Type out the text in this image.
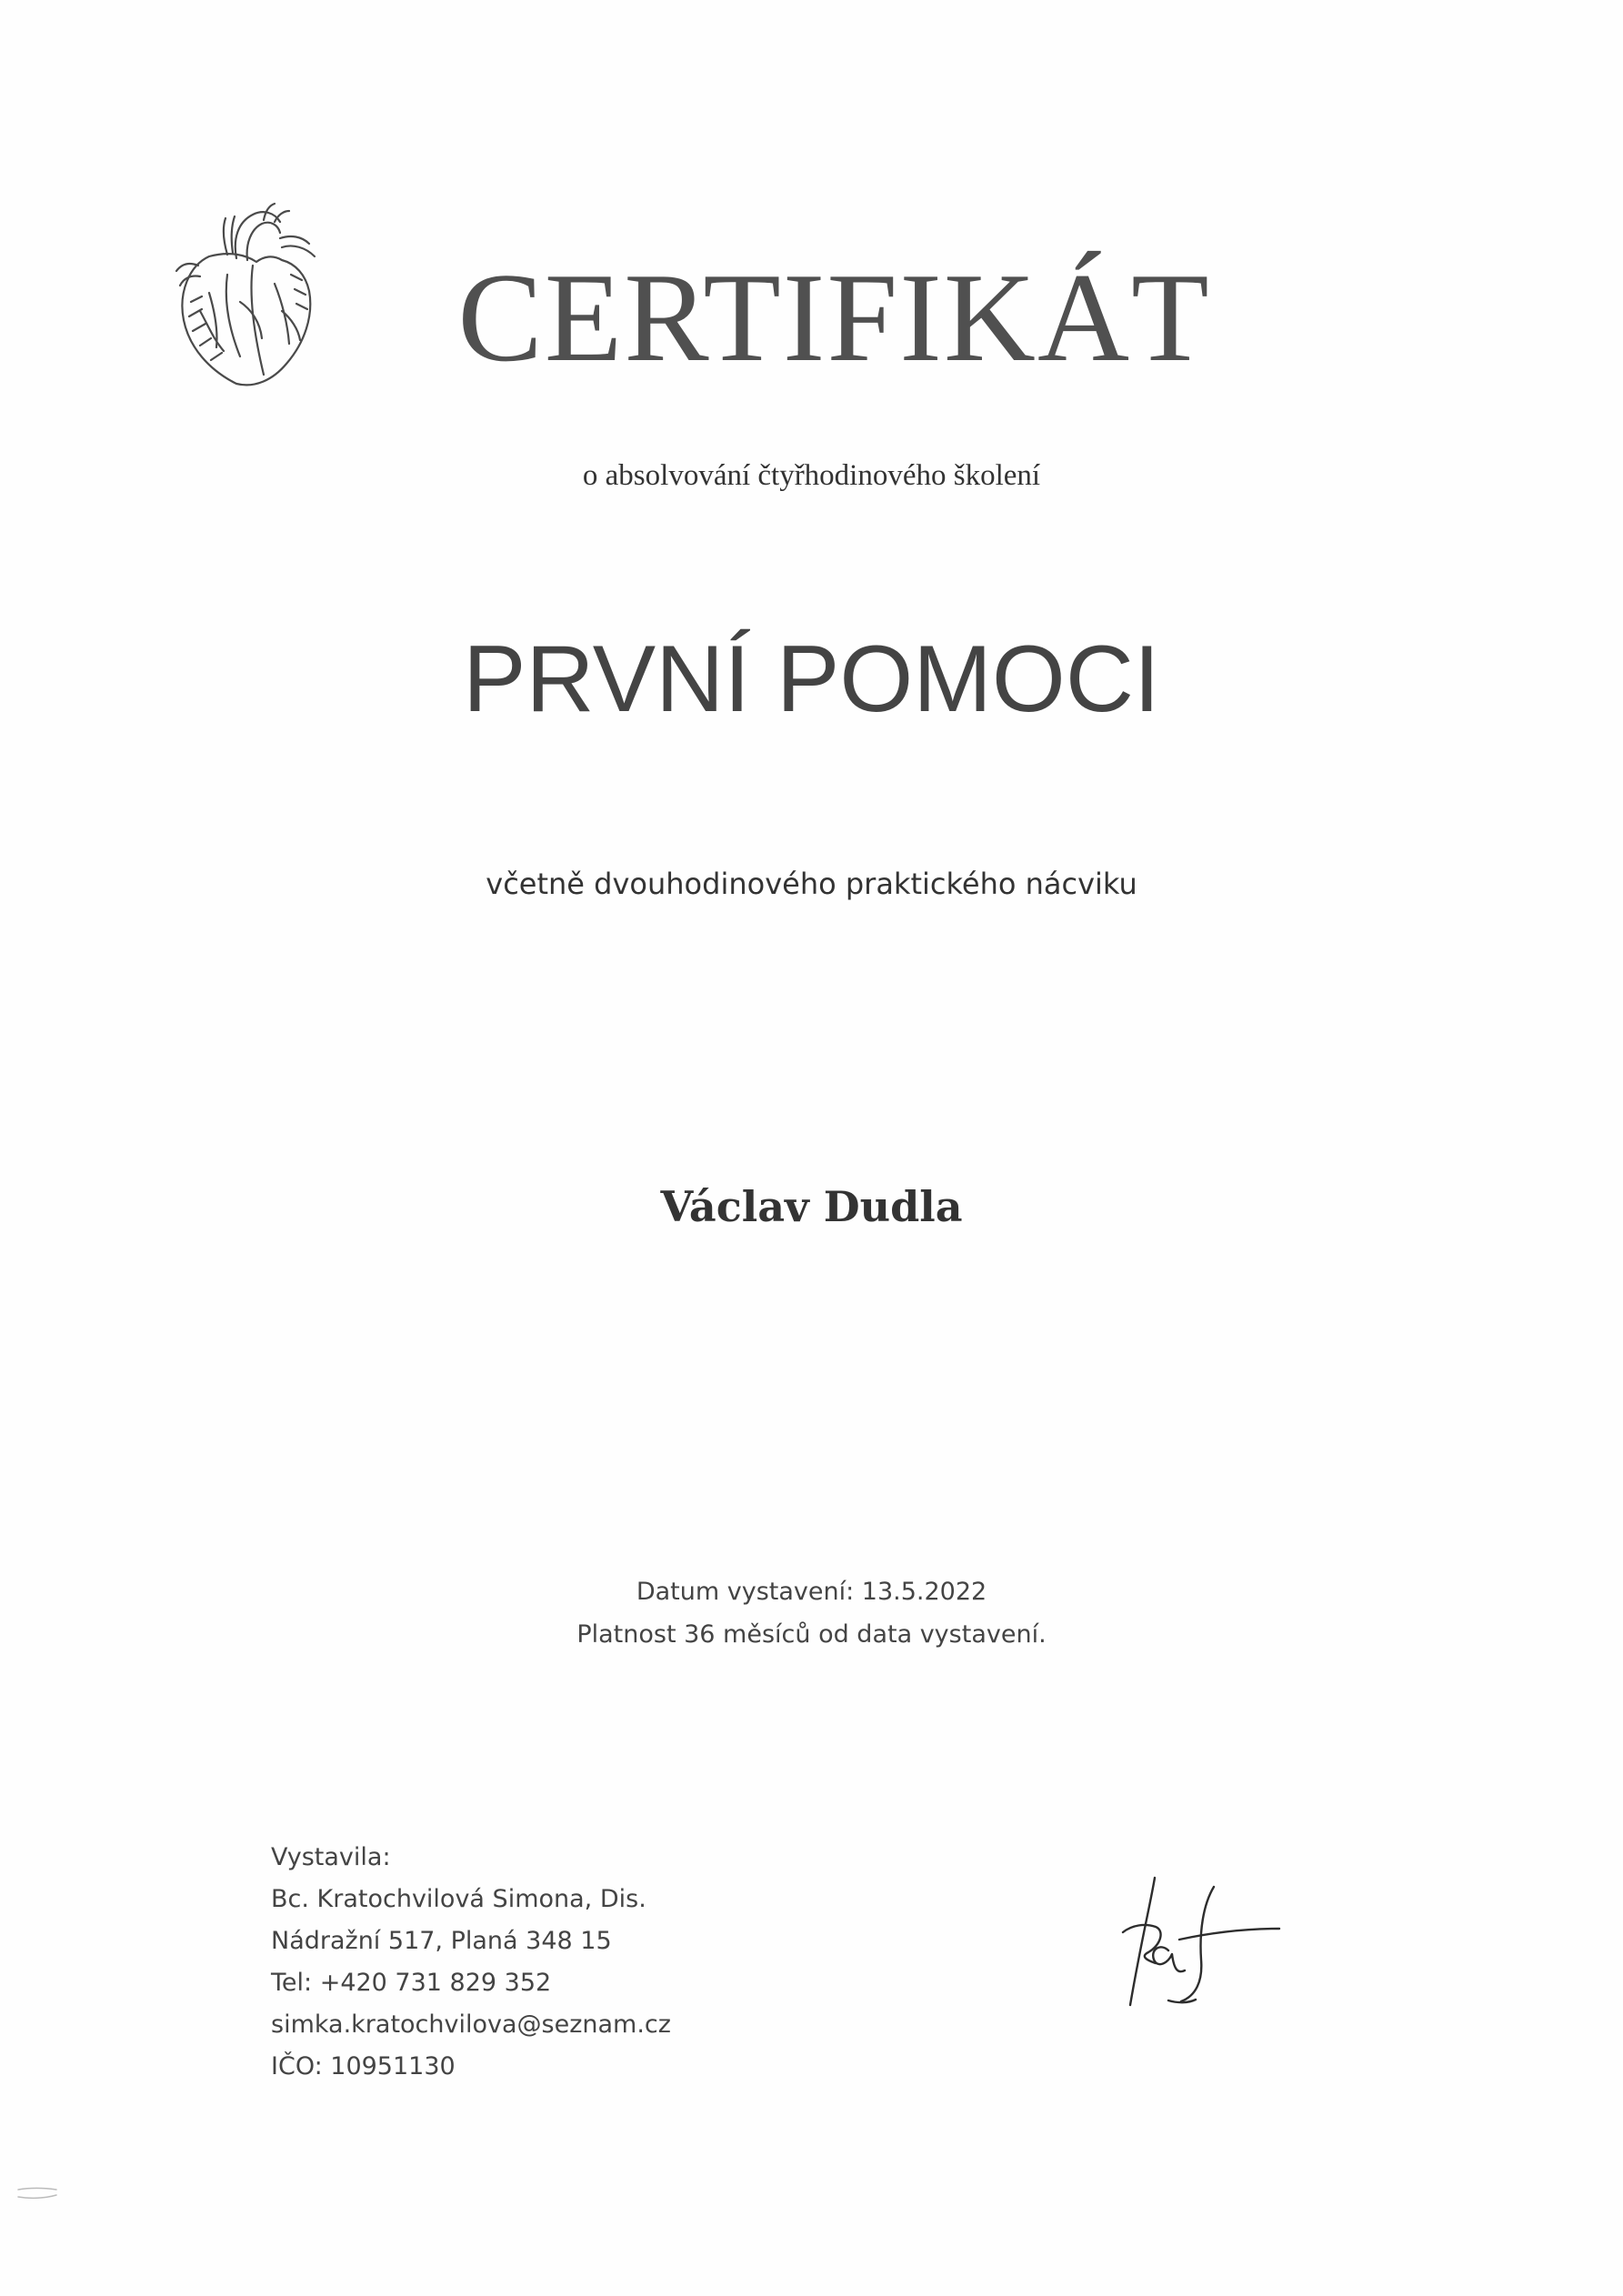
CERTIFIKÁT
o absolvování čtyřhodinového školení
PRVNÍ POMOCI
včetně dvouhodinového praktického nácviku
Václav Dudla
Datum vystavení: 13.5.2022
Platnost 36 měsíců od data vystavení.
Vystavila:
Bc. Kratochvilová Simona, Dis.
Nádražní 517, Planá 348 15
Tel: +420 731 829 352
simka.kratochvilova@seznam.cz
IČO: 10951130
